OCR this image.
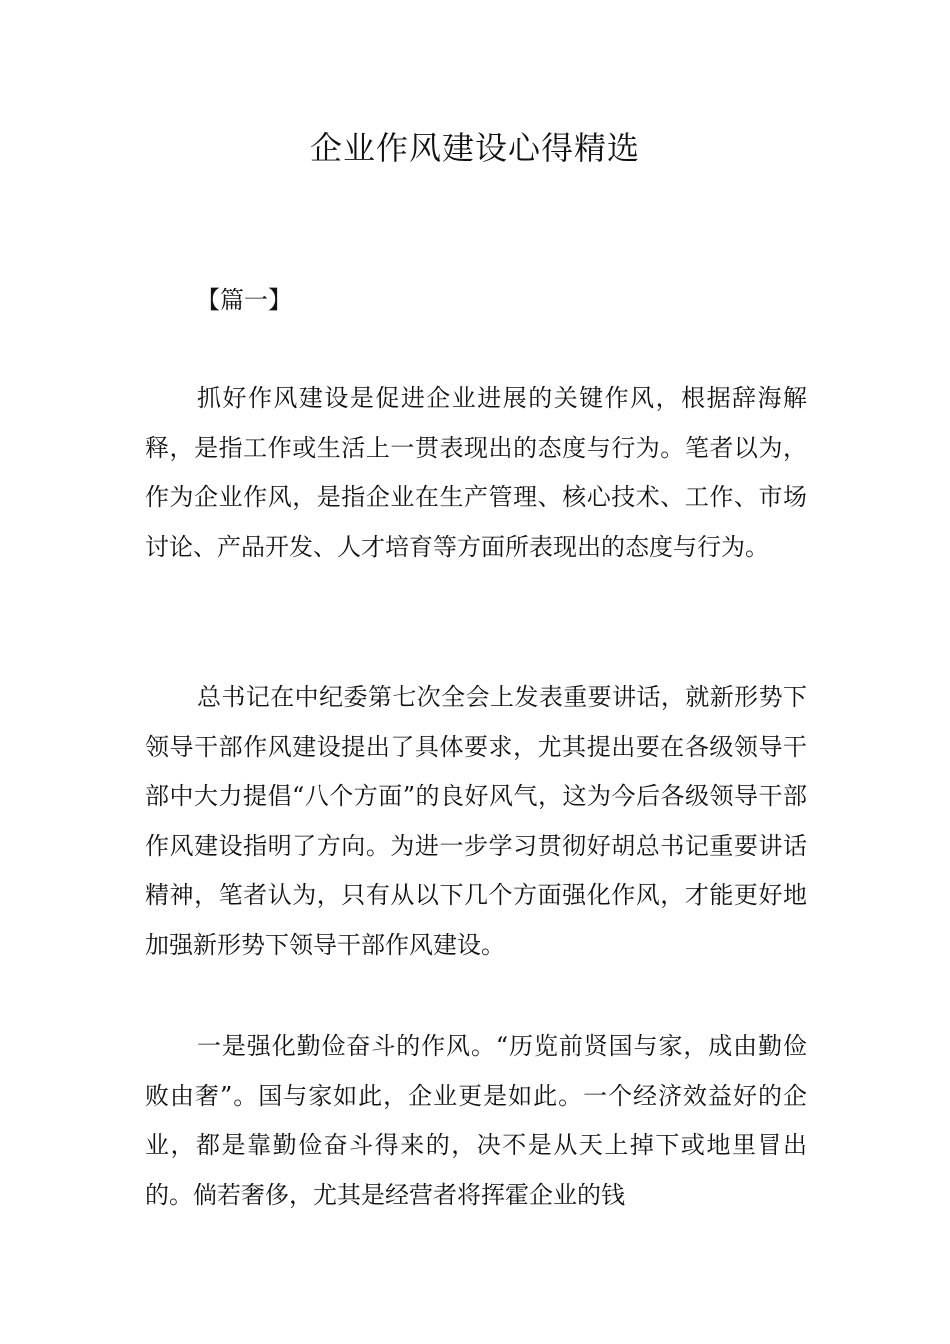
企业作风建设心得精选

【篇一】

抓好作风建设是促进企业进展的关键作风，根据辞海解释，是指工作或生活上一贯表现出的态度与行为。笔者以为，作为企业作风，是指企业在生产管理、核心技术、工作、市场讨论、产品开发、人才培育等方面所表现出的态度与行为。

总书记在中纪委第七次全会上发表重要讲话，就新形势下领导干部作风建设提出了具体要求，尤其提出要在各级领导干部中大力提倡“八个方面”的良好风气，这为今后各级领导干部作风建设指明了方向。为进一步学习贯彻好胡总书记重要讲话精神，笔者认为，只有从以下几个方面强化作风，才能更好地加强新形势下领导干部作风建设。

一是强化勤俭奋斗的作风。“历览前贤国与家，成由勤俭败由奢”。国与家如此，企业更是如此。一个经济效益好的企业，都是靠勤俭奋斗得来的，决不是从天上掉下或地里冒出的。倘若奢侈，尤其是经营者将挥霍企业的钱
